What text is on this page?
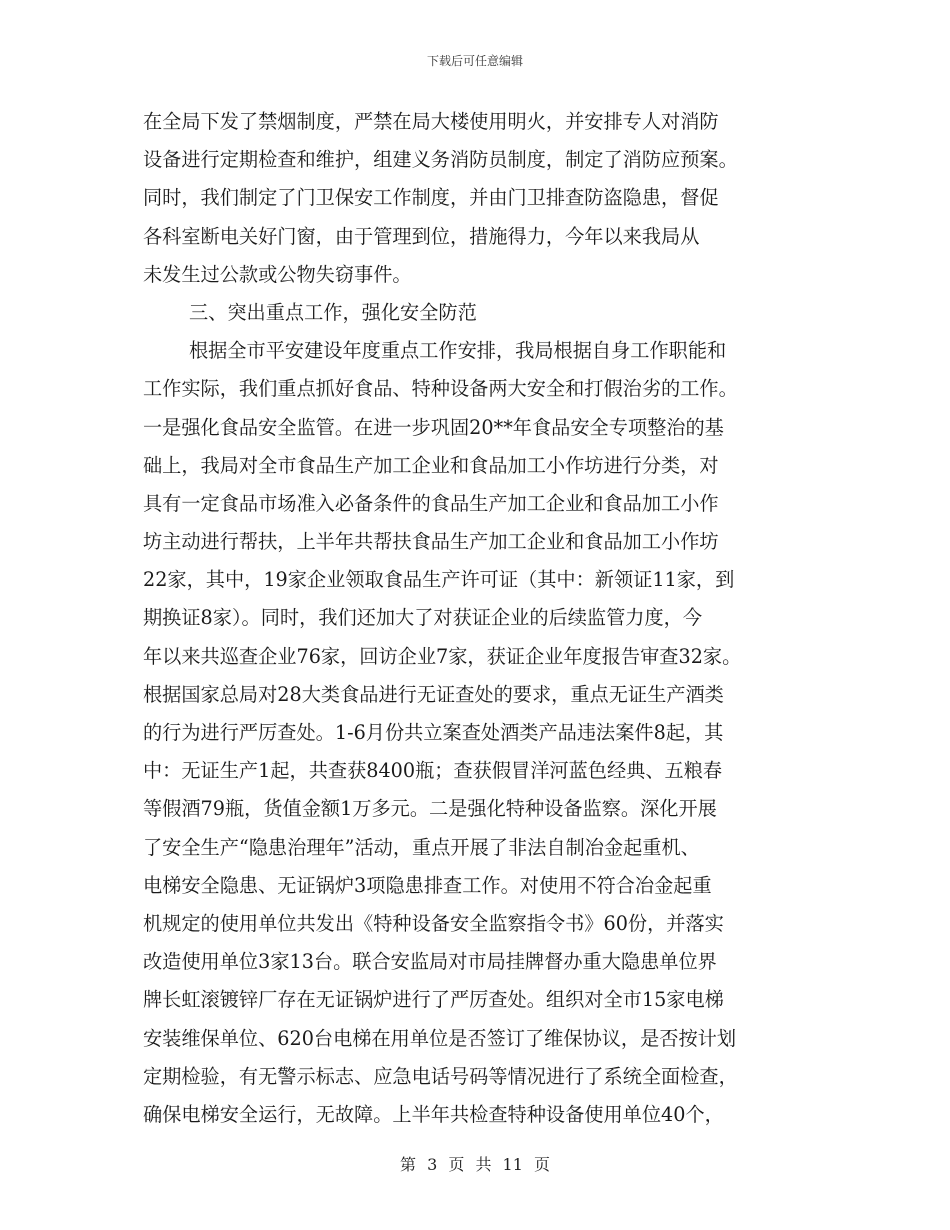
下载后可任意编辑
在全局下发了禁烟制度，严禁在局大楼使用明火，并安排专人对消防
设备进行定期检查和维护，组建义务消防员制度，制定了消防应预案。
同时，我们制定了门卫保安工作制度，并由门卫排查防盗隐患，督促
各科室断电关好门窗，由于管理到位，措施得力，今年以来我局从
未发生过公款或公物失窃事件。
三、突出重点工作，强化安全防范
根据全市平安建设年度重点工作安排，我局根据自身工作职能和
工作实际，我们重点抓好食品、特种设备两大安全和打假治劣的工作。
一是强化食品安全监管。在进一步巩固20**年食品安全专项整治的基
础上，我局对全市食品生产加工企业和食品加工小作坊进行分类，对
具有一定食品市场准入必备条件的食品生产加工企业和食品加工小作
坊主动进行帮扶，上半年共帮扶食品生产加工企业和食品加工小作坊
22家，其中，19家企业领取食品生产许可证（其中：新领证11家，到
期换证8家）。同时，我们还加大了对获证企业的后续监管力度，今
年以来共巡查企业76家，回访企业7家，获证企业年度报告审查32家。
根据国家总局对28大类食品进行无证查处的要求，重点无证生产酒类
的行为进行严厉查处。1-6月份共立案查处酒类产品违法案件8起，其
中：无证生产1起，共查获8400瓶；查获假冒洋河蓝色经典、五粮春
等假酒79瓶，货值金额1万多元。二是强化特种设备监察。深化开展
了安全生产“隐患治理年”活动，重点开展了非法自制冶金起重机、
电梯安全隐患、无证锅炉3项隐患排查工作。对使用不符合冶金起重
机规定的使用单位共发出《特种设备安全监察指令书》60份，并落实
改造使用单位3家13台。联合安监局对市局挂牌督办重大隐患单位界
牌长虹滚镀锌厂存在无证锅炉进行了严厉查处。组织对全市15家电梯
安装维保单位、620台电梯在用单位是否签订了维保协议，是否按计划
定期检验，有无警示标志、应急电话号码等情况进行了系统全面检查，
确保电梯安全运行，无故障。上半年共检查特种设备使用单位40个，
第 3 页 共 11 页
